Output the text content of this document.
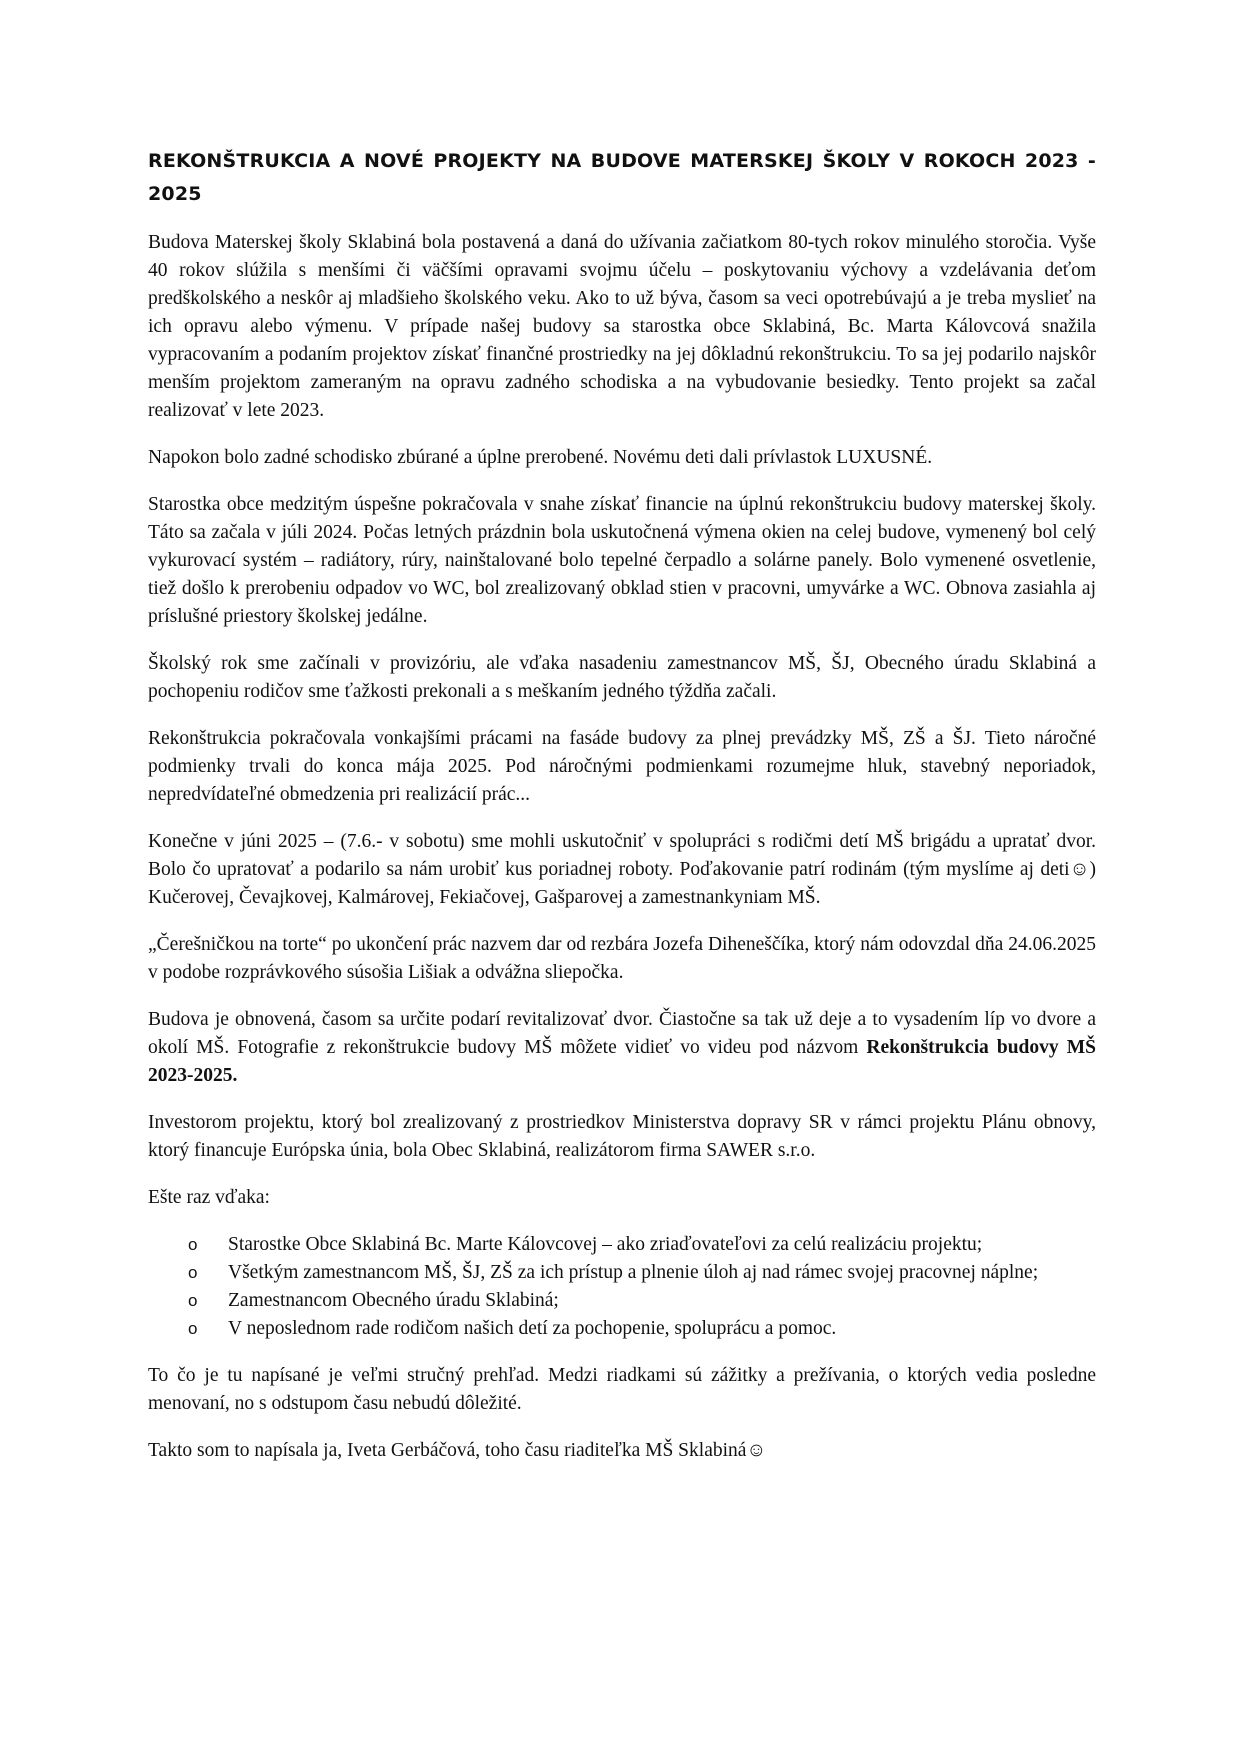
REKONŠTRUKCIA A NOVÉ PROJEKTY NA BUDOVE MATERSKEJ ŠKOLY V ROKOCH 2023 - 2025

Budova Materskej školy Sklabiná bola postavená a daná do užívania začiatkom 80-tych rokov minulého storočia. Vyše 40 rokov slúžila s menšími či väčšími opravami svojmu účelu – poskytovaniu výchovy a vzdelávania deťom predškolského a neskôr aj mladšieho školského veku. Ako to už býva, časom sa veci opotrebúvajú a je treba myslieť na ich opravu alebo výmenu. V prípade našej budovy sa starostka obce Sklabiná, Bc. Marta Kálovcová snažila vypracovaním a podaním projektov získať finančné prostriedky na jej dôkladnú rekonštrukciu. To sa jej podarilo najskôr menším projektom zameraným na opravu zadného schodiska a na vybudovanie besiedky. Tento projekt sa začal realizovať v lete 2023.

Napokon bolo zadné schodisko zbúrané a úplne prerobené. Novému deti dali prívlastok LUXUSNÉ.

Starostka obce medzitým úspešne pokračovala v snahe získať financie na úplnú rekonštrukciu budovy materskej školy. Táto sa začala v júli 2024. Počas letných prázdnin bola uskutočnená výmena okien na celej budove, vymenený bol celý vykurovací systém – radiátory, rúry, nainštalované bolo tepelné čerpadlo a solárne panely. Bolo vymenené osvetlenie, tiež došlo k prerobeniu odpadov vo WC, bol zrealizovaný obklad stien v pracovni, umyvárke a WC. Obnova zasiahla aj príslušné priestory školskej jedálne.

Školský rok sme začínali v provizóriu, ale vďaka nasadeniu zamestnancov MŠ, ŠJ, Obecného úradu Sklabiná a pochopeniu rodičov sme ťažkosti prekonali a s meškaním jedného týždňa začali.

Rekonštrukcia pokračovala vonkajšími prácami na fasáde budovy za plnej prevádzky MŠ, ZŠ a ŠJ. Tieto náročné podmienky trvali do konca mája 2025. Pod náročnými podmienkami rozumejme hluk, stavebný neporiadok, nepredvídateľné obmedzenia pri realizácií prác...

Konečne v júni 2025 – (7.6.- v sobotu) sme mohli uskutočniť v spolupráci s rodičmi detí MŠ brigádu a upratať dvor. Bolo čo upratovať a podarilo sa nám urobiť kus poriadnej roboty. Poďakovanie patrí rodinám (tým myslíme aj deti☺) Kučerovej, Čevajkovej, Kalmárovej, Fekiačovej, Gašparovej a zamestnankyniam MŠ.

„Čerešničkou na torte“ po ukončení prác nazvem dar od rezbára Jozefa Diheneščíka, ktorý nám odovzdal dňa 24.06.2025 v podobe rozprávkového súsošia Lišiak a odvážna sliepočka.

Budova je obnovená, časom sa určite podarí revitalizovať dvor. Čiastočne sa tak už deje a to vysadením líp vo dvore a okolí MŠ. Fotografie z rekonštrukcie budovy MŠ môžete vidieť vo videu pod názvom Rekonštrukcia budovy MŠ 2023-2025.

Investorom projektu, ktorý bol zrealizovaný z prostriedkov Ministerstva dopravy SR v rámci projektu Plánu obnovy, ktorý financuje Európska únia, bola Obec Sklabiná, realizátorom firma SAWER s.r.o.

Ešte raz vďaka:

o Starostke Obce Sklabiná Bc. Marte Kálovcovej – ako zriaďovateľovi za celú realizáciu projektu;
o Všetkým zamestnancom MŠ, ŠJ, ZŠ za ich prístup a plnenie úloh aj nad rámec svojej pracovnej náplne;
o Zamestnancom Obecného úradu Sklabiná;
o V neposlednom rade rodičom našich detí za pochopenie, spoluprácu a pomoc.

To čo je tu napísané je veľmi stručný prehľad. Medzi riadkami sú zážitky a prežívania, o ktorých vedia posledne menovaní, no s odstupom času nebudú dôležité.

Takto som to napísala ja, Iveta Gerbáčová, toho času riaditeľka MŠ Sklabiná☺
